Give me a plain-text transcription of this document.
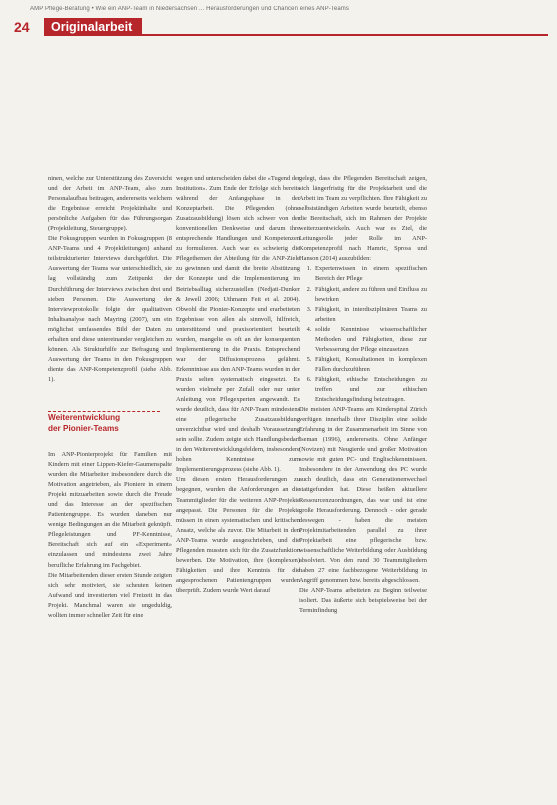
AMP Pflege-Beratung • Wie ein ANP-Team in Niedersachsen ... Herausforderungen und Chancen eines ANP-Teams
24	Originalarbeit

ninen, welche zur Unterstützung des Zuversicht und der Arbeit im ANP-Team, also zum Personalaufbau beitragen, andererseits welchem die Ergebnisse erreicht Projektinhalte und persönliche Aufgaben für das Führungsorgan (Projektleitung, Steuergruppe).

Die Fokusgruppen wurden in Fokusgruppen (8 ANP-Teams und 4 Projektleitungen) anhand teilstrukturierter Interviews durchgeführt. Die Auswertung der Teams war unterschiedlich, sie lag vollständig zum Zeitpunkt der Durchführung der Interviews zwischen drei und sieben Personen. Die Auswertung der Interviewprotokolle folgte der qualitativen Inhaltsanalyse nach Mayring (2007), um ein möglichst umfassendes Bild der Daten zu erhalten und diese untereinander vergleichen zu können. Als Strukturhilfe zur Befragung und Auswertung der Teams in den Fokusgruppen diente das ANP-Kompetenzprofil (siehe Abb. 1).

Weiterentwicklung

der Pionier-Teams

Im ANP-Pionierprojekt für Familien mit Kindern mit einer Lippen-Kiefer-Gaumenspalte wurden die Mitarbeiter insbesondere durch die Motivation angetrieben, als Pioniere in einem Projekt mitzuarbeiten sowie durch die Freude und das Interesse an der spezifischen Patientengruppe. Es wurden daneben nur wenige Bedingungen an die Mitarbeit geknüpft. Pflegeleistungen und PF-Kenntnisse, Bereitschaft sich auf ein «Experiment» einzulassen und mindestens zwei Jahre berufliche Erfahrung im Fachgebiet.

Die Mitarbeitenden dieser ersten Stunde zeigten sich sehr motiviert, sie scheuten keinen Aufwand und investierten viel Freizeit in das Projekt. Manchmal waren sie ungeduldig, wollten immer schneller Zeit für eine

wegen und unterscheiden dabei die «Tugend der Institution». Zum Ende der Erfolge sich bereits während der Anfangsphase in der Konzeptarbeit. Die Pflegenden (ohne Zusatzausbildung) lösen sich schwer von der konventionellen Denkweise und darum ihre entsprechende Handlungen und Kompetenzen zu formulieren. Auch war es schwierig die Pflegethemen der Abteilung für die ANP-Ziele zu gewinnen und damit die breite Abstützung der Konzepte und die Implementierung im Betriebsalltag sicherzustellen (Nedjati-Dunker & Jewell 2006; Uthmann Feit et al. 2004). Obwohl die Pionier-Konzepte und erarbeiteten Ergebnisse von allen als sinnvoll, hilfreich, unterstützend und praxisorientiert beurteilt wurden, mangelte es oft an der konsequenten Implementierung in die Praxis. Entsprechend war der Diffusionsprozess gelähmt. Erkenntnisse aus den ANP-Teams wurden in der Praxis selten systematisch eingesetzt. Es wurden vielmehr per Zufall oder nur unter Anleitung von Pflegexperten angewandt. Es wurde deutlich, dass für ANP-Team mindestens eine pflegerische Zusatzausbildung unverzichtbar wird und deshalb Voraussetzung sein sollte. Zudem zeigte sich Handlungsbedarf in den Weiterentwicklungsfeldern, insbesondere hohen Kenntnisse zum Implementierungsprozess (siehe Abb. 1).

Um diesen ersten Herausforderungen zu begegnen, wurden die Anforderungen an die Teammitglieder für die weiteren ANP-Projekte angepasst. Die Personen für die Projekte müssen in einen systematischen und kritischen Ansatz, welche als zuvor. Die Mitarbeit in den ANP-Teams wurde ausgeschrieben, und die Pflegenden mussten sich für die Zusatzfunktion bewerben. Die Motivation, ihre (komplexen) Fähigkeiten und ihre Kenntnis für die angesprochenen Patientengruppen wurden überprüft. Zudem wurde Wert darauf

gelegt, dass die Pflegenden Bereitschaft zeigen, sich längerfristig für die Projektarbeit und die Arbeit im Team zu verpflichten. Ihre Fähigkeit zu selbstständigen Arbeiten wurde beurteilt, ebenso die Bereitschaft, sich im Rahmen der Projekte weiterzuentwickeln. Auch war es Ziel, die Leitungsrolle jeder Rolle im ANP-Kompetenzprofil nach Hamric, Spross und Hanson (2014) auszubilden:

1. Expertenwissen in einem spezifischen Bereich der Pflege
2. Fähigkeit, andere zu führen und Einfluss zu bewirken
3. Fähigkeit, in interdisziplinären Teams zu arbeiten
4. solide Kenntnisse wissenschaftlicher Methoden und Fähigkeiten, diese zur Verbesserung der Pflege einzusetzen
5. Fähigkeit, Konsultationen in komplexen Fällen durchzuführen
6. Fähigkeit, ethische Entscheidungen zu treffen und zur ethischen Entscheidungsfindung beizutragen.

Die meisten ANP-Teams am Kinderspital Zürich verfügen innerhalb ihrer Disziplin eine solide Erfahrung in der Zusammenarbeit im Sinne von Iseman (1996), andererseits. Ohne Anfänger (Novizen) mit Neugierde und großer Motivation sowie mit guten PC- und Englischkenntnissen. Insbesondere in der Anwendung des PC wurde auch deutlich, dass ein Generationenwechsel stattgefunden hat. Diese heißen aktuellere Ressourcenzuordnungen, das war und ist eine große Herausforderung. Dennoch - oder gerade deswegen - haben die meisten Projektmitarbeitenden parallel zu ihrer Projektarbeit eine pflegerische bzw. wissenschaftliche Weiterbildung oder Ausbildung absolviert. Von den rund 30 Teammitgliedern haben 27 eine fachbezogene Weiterbildung in Angriff genommen bzw. bereits abgeschlossen.

Die ANP-Teams arbeiteten zu Beginn teilweise isoliert. Das äußerte sich beispielsweise bei der Terminfindung
